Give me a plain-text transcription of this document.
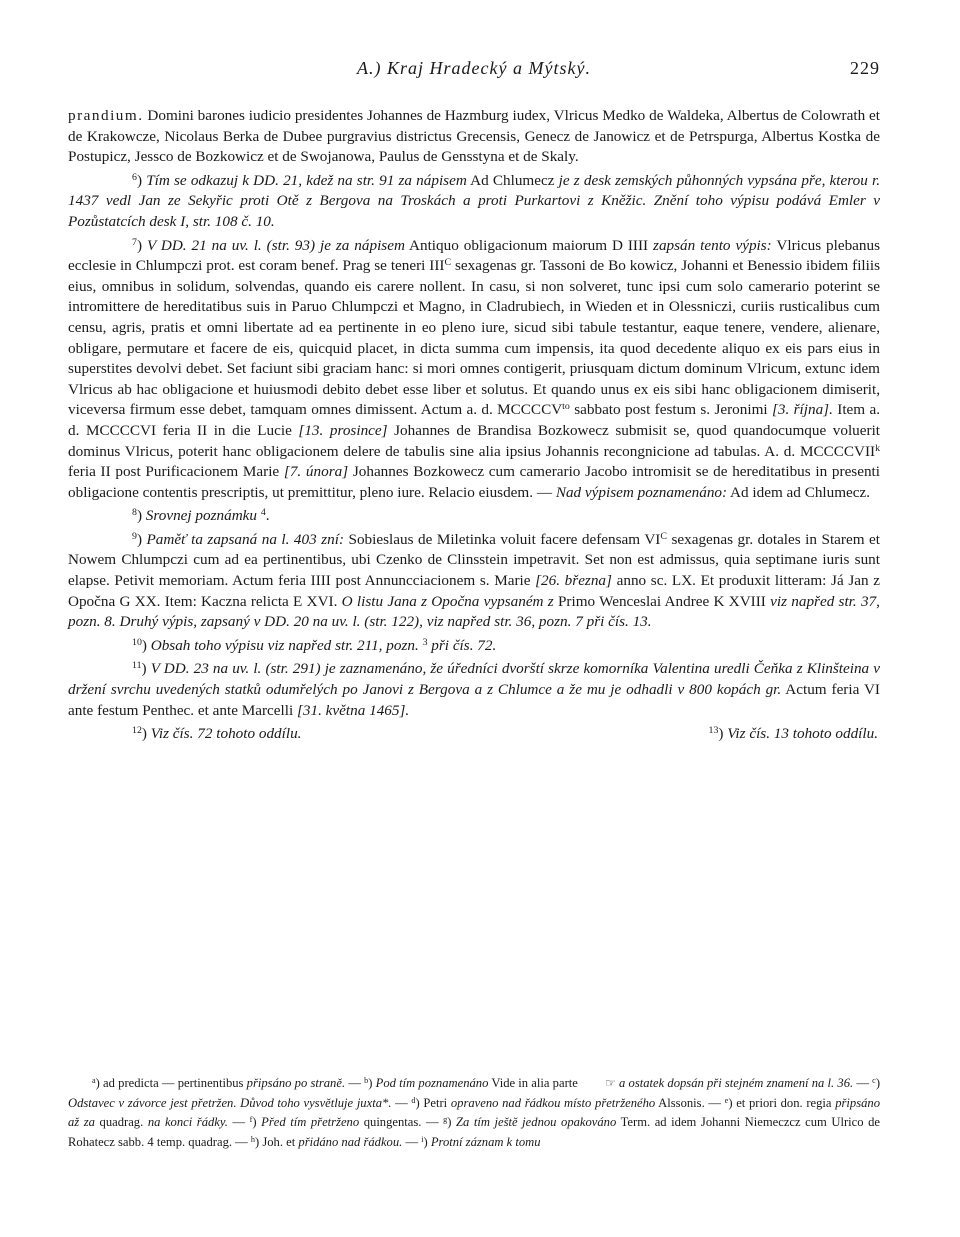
A.) Kraj Hradecký a Mýtský.	229

prandium. Domini barones iudicio presidentes Johannes de Hazmburg iudex, Vlricus Medko de Waldeka, Albertus de Colowrath et de Krakowcze, Nicolaus Berka de Dubee purgravius districtus Grecensis, Genecz de Janowicz et de Petrspurga, Albertus Kostka de Postupicz, Jessco de Bozkowicz et de Swojanowa, Paulus de Gensstyna et de Skaly.

$^6$) Tím se odkazuj k DD. 21, kdež na str. 91 za nápisem Ad Chlumecz je z desk zemských půhonných vypsána pře, kterou r. 1437 vedl Jan ze Sekyřic proti Otě z Bergova na Troskách a proti Purkartovi z Kněžic. Znění toho výpisu podává Emler v Pozůstatcích desk I, str. 108 č. 10.

$^7$) V DD. 21 na uv. l. (str. 93) je za nápisem Antiquo obligacionum maiorum D IIII zapsán tento výpis: Vlricus plebanus ecclesie in Chlumpczi prot. est coram benef. Prag se teneri $III^C$ sexagenas gr. Tassoni de Bo kowicz, Johanni et Benessio ibidem filiis eius, omnibus in solidum, solvendas, quando eis carere nollent. In casu, si non solveret, tunc ipsi cum solo camerario poterint se intromittere de hereditatibus suis in Paruo Chlumpczi et Magno, in Cladrubiech, in Wieden et in Olessniczi, curiis rusticalibus cum censu, agris, pratis et omni libertate ad ea pertinente in eo pleno iure, sicud sibi tabule testantur, eaque tenere, vendere, alienare, obligare, permutare et facere de eis, quicquid placet, in dicta summa cum impensis, ita quod decedente aliquo ex eis pars eius in superstites devolvi debet. Set faciunt sibi graciam hanc: si mori omnes contigerit, priusquam dictum dominum Vlricum, extunc idem Vlricus ab hac obligacione et huiusmodi debito debet esse liber et solutus. Et quando unus ex eis sibi hanc obligacionem dimiserit, viceversa firmum esse debet, tamquam omnes dimissent. Actum a. d. $MCCCCV^{to}$ sabbato post festum s. Jeronimi [3. října]. Item a. d. MCCCCVI feria II in die Lucie [13. prosince] Johannes de Brandisa Bozkowecz submisit se, quod quandocumque voluerit dominus Vlricus, poterit hanc obligacionem delere de tabulis sine alia ipsius Johannis recongnicione ad tabulas. A. d. MCCCCVII$^k$ feria II post Purificacionem Marie [7. února] Johannes Bozkowecz cum camerario Jacobo intromisit se de hereditatibus in presenti obligacione contentis prescriptis, ut premittitur, pleno iure. Relacio eiusdem. — Nad výpisem poznamenáno: Ad idem ad Chlumecz.

$^8$) Srovnej poznámku $^4$.

$^9$) Paměť ta zapsaná na l. 403 zní: Sobieslaus de Miletinka voluit facere defensam $VI^C$ sexagenas gr. dotales in Starem et Nowem Chlumpczi cum ad ea pertinentibus, ubi Czenko de Clinsstein impetravit. Set non est admissus, quia septimane iuris sunt elapse. Petivit memoriam. Actum feria IIII post Annuncciacionem s. Marie [26. března] anno sc. LX. Et produxit litteram: Já Jan z Opočna G XX. Item: Kaczna relicta E XVI. O listu Jana z Opočna vypsaném z Primo Wenceslai Andree K XVIII viz napřed str. 37, pozn. 8. Druhý výpis, zapsaný v DD. 20 na uv. l. (str. 122), viz napřed str. 36, pozn. 7 při čís. 13.

$^{10}$) Obsah toho výpisu viz napřed str. 211, pozn. $^3$ při čís. 72.

$^{11}$) V DD. 23 na uv. l. (str. 291) je zaznamenáno, že úředníci dvorští skrze komorníka Valentina uredli Čeňka z Klinšteina v držení svrchu uvedených statků odumřelých po Janovi z Bergova a z Chlumce a že mu je odhadli v 800 kopách gr. Actum feria VI ante festum Penthec. et ante Marcelli [31. května 1465].

$^{12}$) Viz čís. 72 tohoto oddílu.	$^{13}$) Viz čís. 13 tohoto oddílu.

$^a$) ad predicta — pertinentibus připsáno po straně. — $^b$) Pod tím poznamenáno Vide in alia parte ☞ a ostatek dopsán při stejném znamení na l. 36. — $^c$) Odstavec v závorce jest přetržen. Důvod toho vysvětluje juxta*. — $^d$) Petri opraveno nad řádkou místo přetrženého Alssonis. — $^e$) et priori don. regia připsáno až za quadrag. na konci řádky. — $^f$) Před tím přetrženo quingentas. — $^g$) Za tím ještě jednou opakováno Term. ad idem Johanni Niemeczcz cum Ulrico de Rohatecz sabb. 4 temp. quadrag. — $^h$) Joh. et přidáno nad řádkou. — $^i$) Protní záznam k tomu
